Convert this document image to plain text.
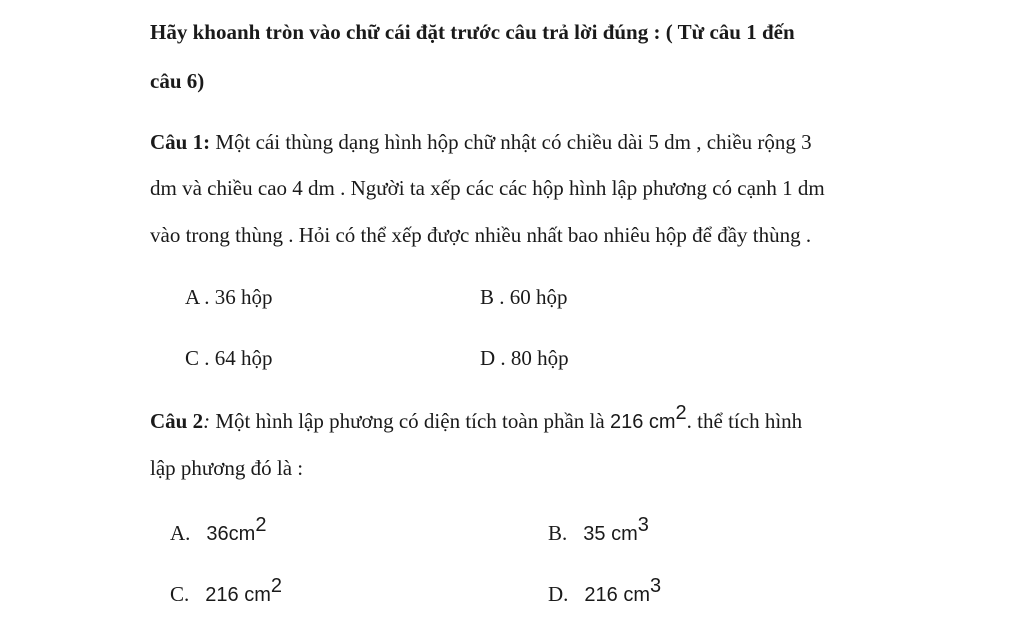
Hãy khoanh tròn vào chữ cái đặt trước câu trả lời đúng : ( Từ câu 1 đến
câu 6)
Câu 1: Một cái thùng dạng hình hộp chữ nhật có chiều dài 5 dm , chiều rộng 3
dm và chiều cao 4 dm . Người ta xếp các các hộp hình lập phương có cạnh 1 dm
vào trong thùng . Hỏi có thể xếp được nhiều nhất bao nhiêu hộp để đầy thùng .
A . 36 hộp	B . 60 hộp
C . 64 hộp	D . 80 hộp
Câu 2: Một hình lập phương có diện tích toàn phần là 216 $cm^2$. thể tích hình
lập phương đó là :
A. $36cm^2$	B. 35 $cm^3$
C. 216 $cm^2$	D. 216 $cm^3$
